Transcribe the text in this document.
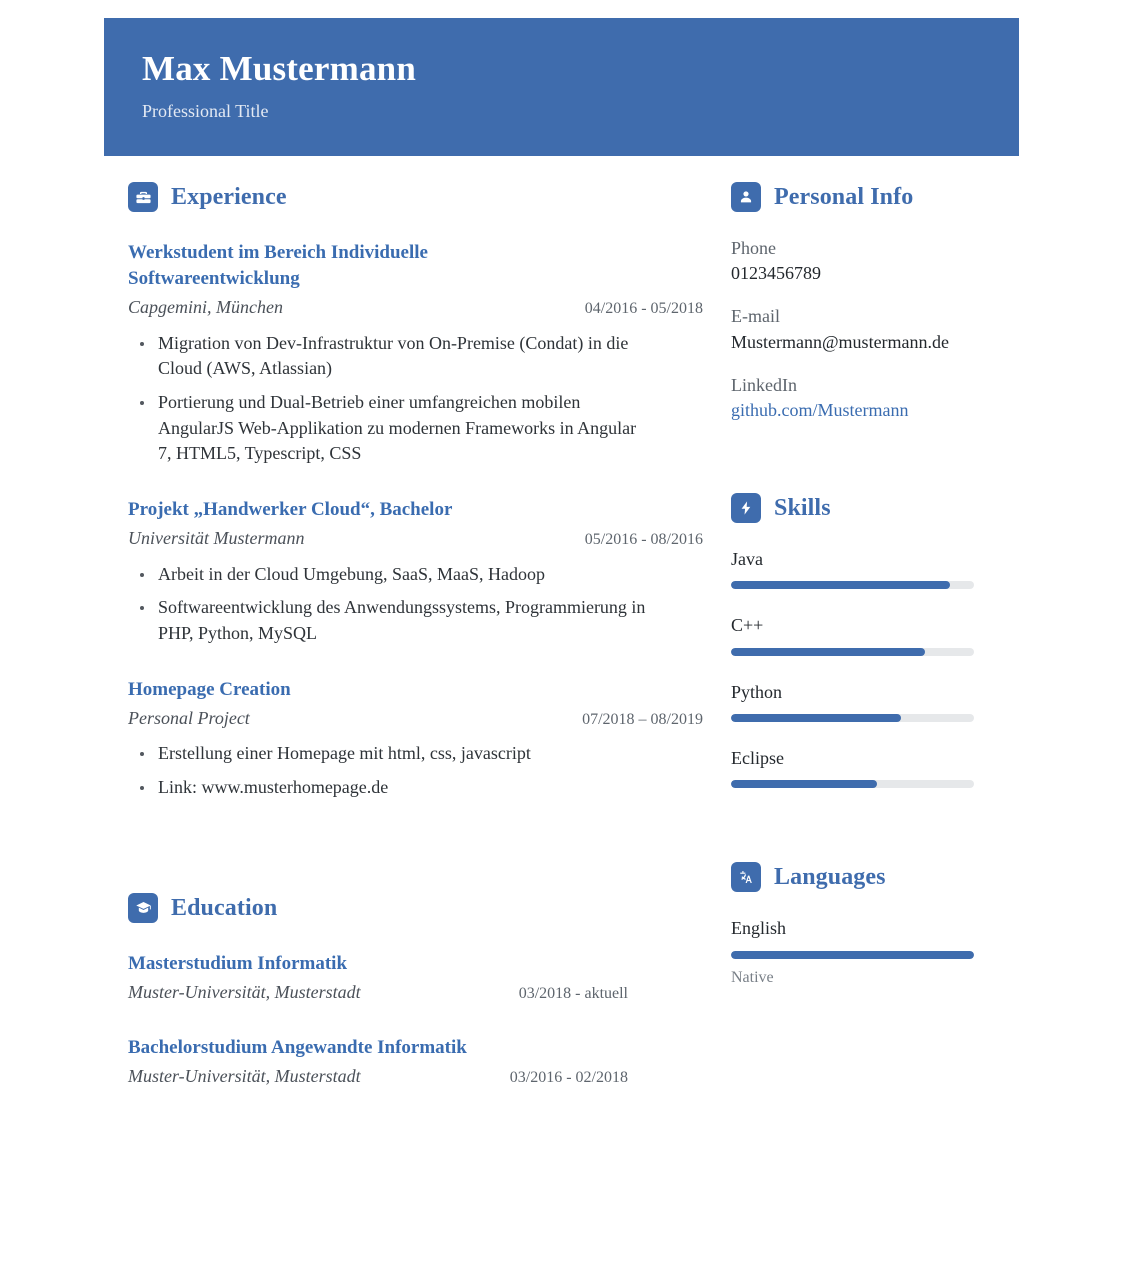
Max Mustermann
Professional Title
Experience
Werkstudent im Bereich Individuelle Softwareentwicklung
Capgemini, München	04/2016 - 05/2018
Migration von Dev-Infrastruktur von On-Premise (Condat) in die Cloud (AWS, Atlassian)
Portierung und Dual-Betrieb einer umfangreichen mobilen AngularJS Web-Applikation zu modernen Frameworks in Angular 7, HTML5, Typescript, CSS
Projekt „Handwerker Cloud“, Bachelor
Universität Mustermann	05/2016 - 08/2016
Arbeit in der Cloud Umgebung, SaaS, MaaS, Hadoop
Softwareentwicklung des Anwendungssystems, Programmierung in PHP, Python, MySQL
Homepage Creation
Personal Project	07/2018 – 08/2019
Erstellung einer Homepage mit html, css, javascript
Link: www.musterhomepage.de
Education
Masterstudium Informatik
Muster-Universität, Musterstadt	03/2018 - aktuell
Bachelorstudium Angewandte Informatik
Muster-Universität, Musterstadt	03/2016 - 02/2018
Personal Info
Phone
0123456789
E-mail
Mustermann@mustermann.de
LinkedIn
github.com/Mustermann
Skills
Java
C++
Python
Eclipse
Languages
English
Native
